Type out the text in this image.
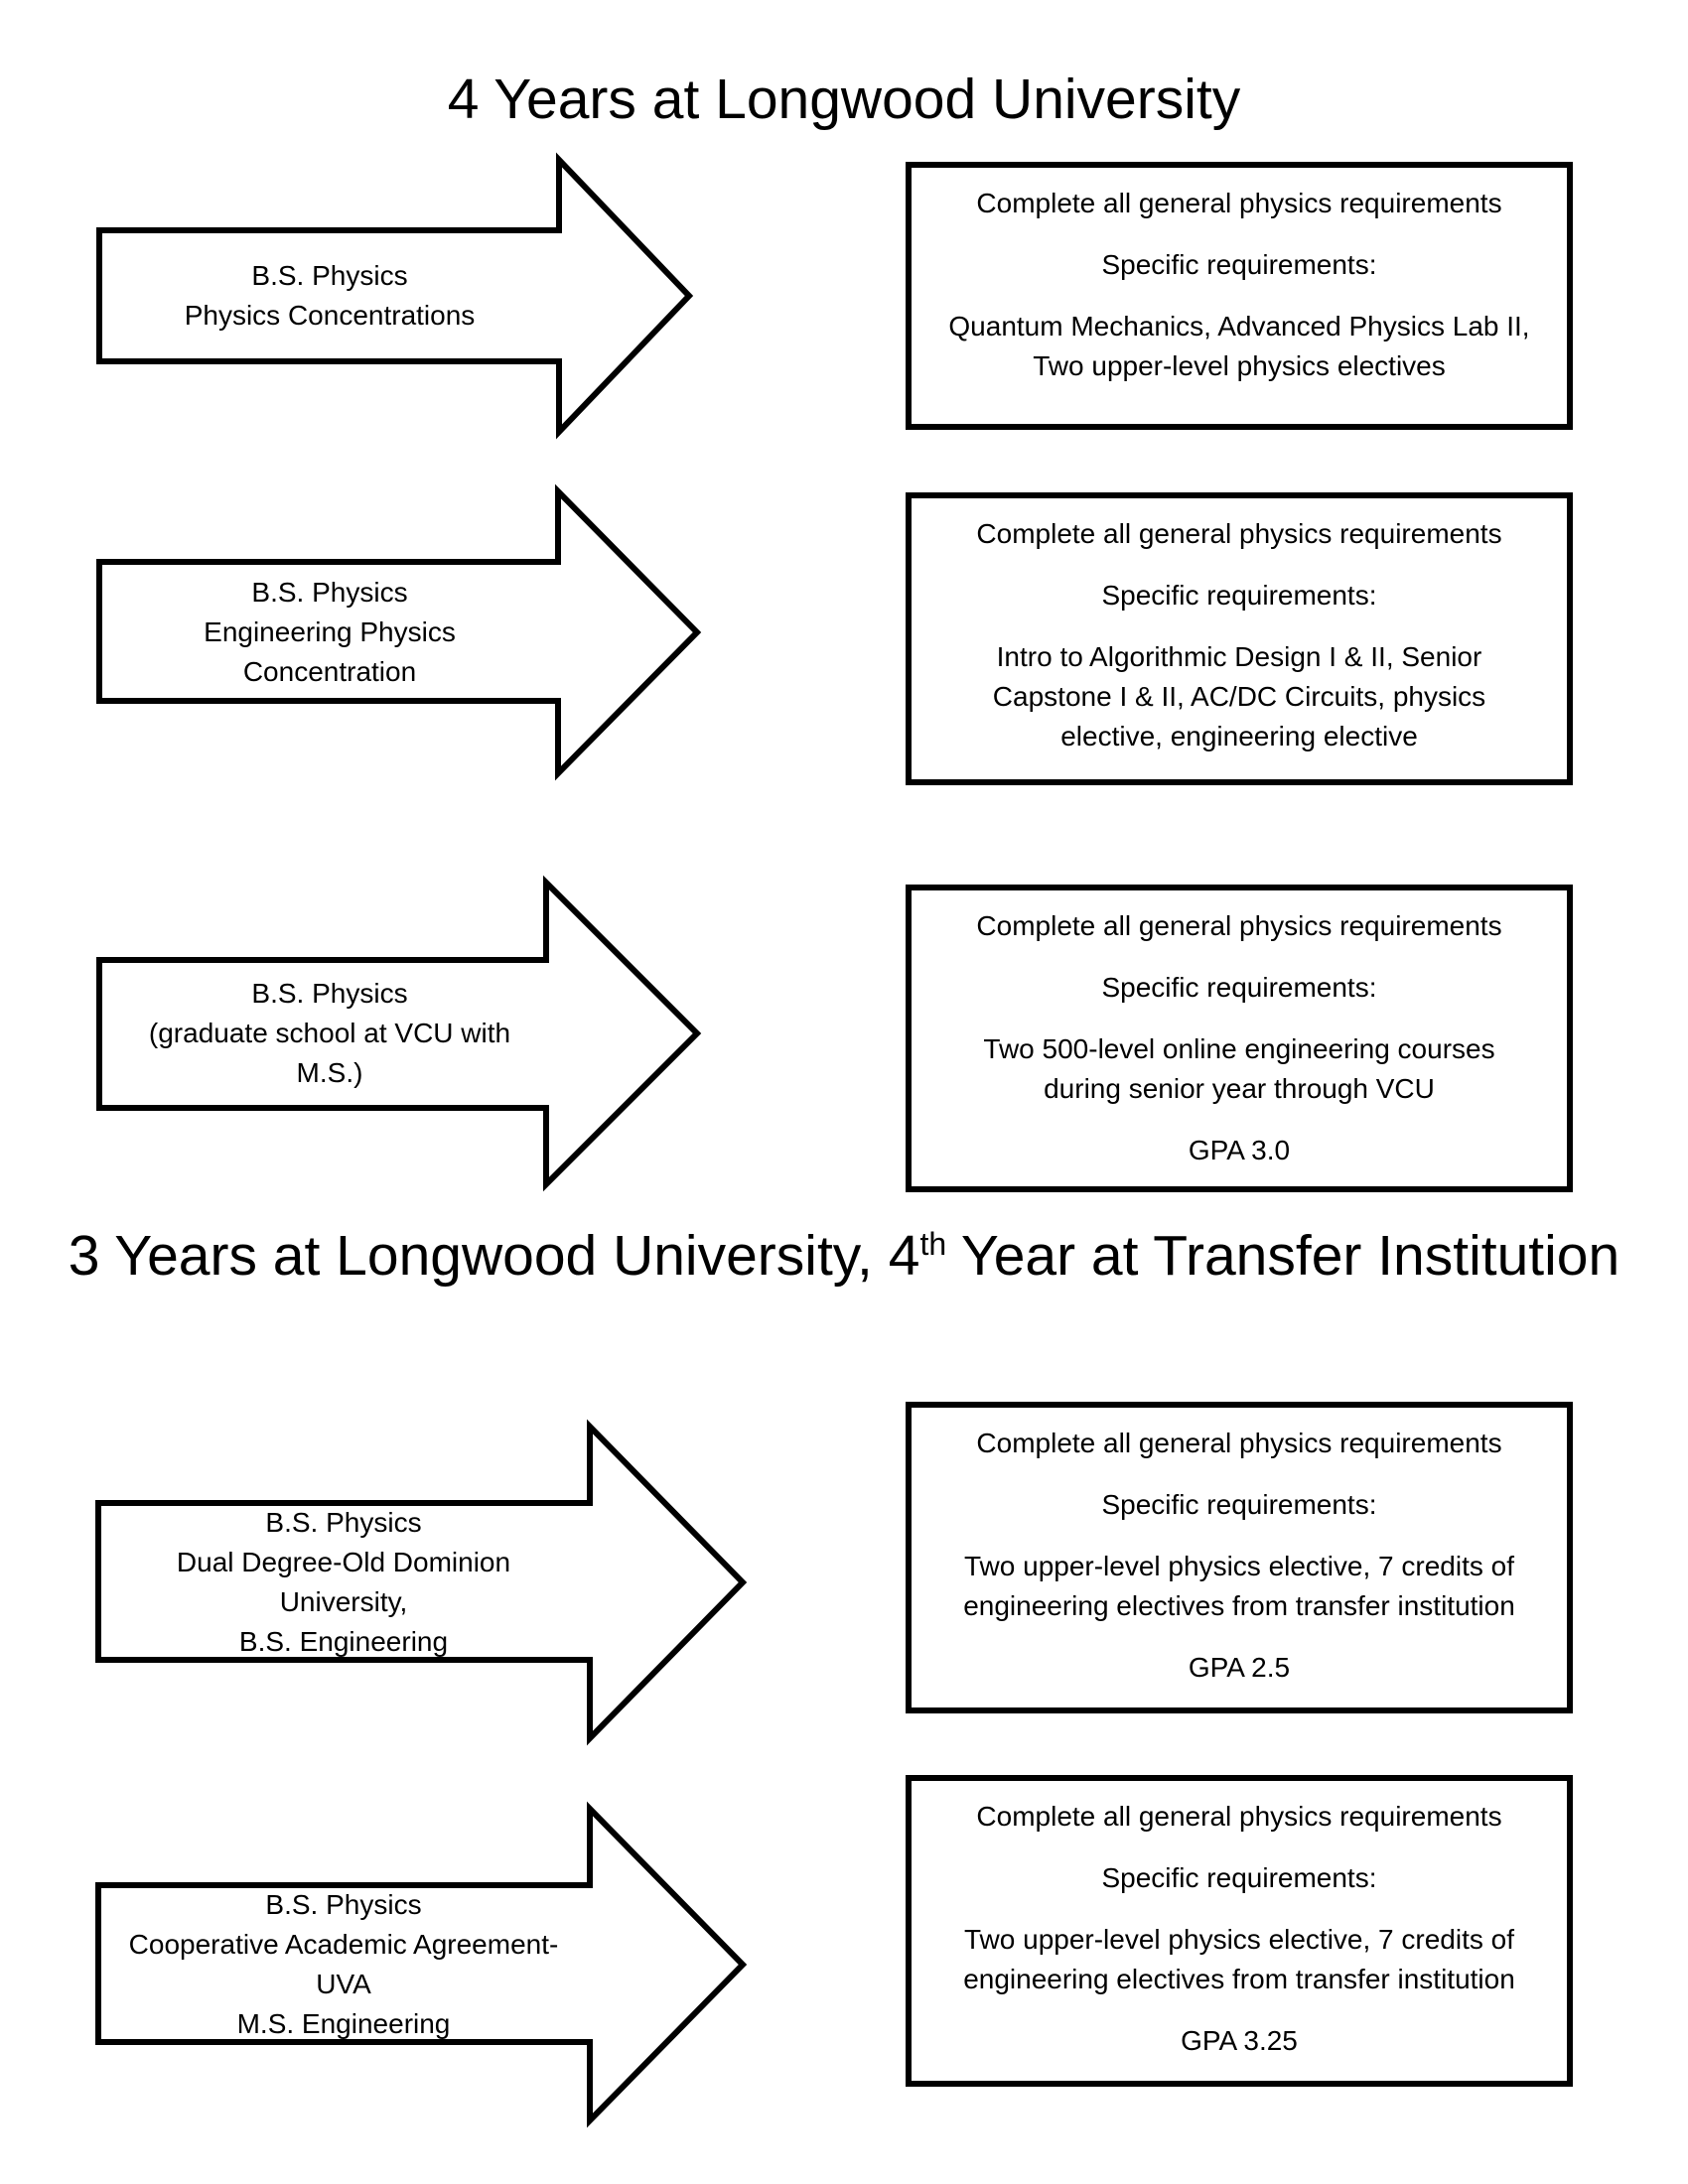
4 Years at Longwood University
B.S. Physics
Physics Concentrations

Complete all general physics requirements

Specific requirements:

Quantum Mechanics, Advanced Physics Lab II,
Two upper-level physics electives

B.S. Physics
Engineering Physics Concentration

Complete all general physics requirements

Specific requirements:

Intro to Algorithmic Design I & II, Senior
Capstone I & II, AC/DC Circuits, physics
elective, engineering elective

B.S. Physics
(graduate school at VCU with M.S.)

Complete all general physics requirements

Specific requirements:

Two 500-level online engineering courses
during senior year through VCU

GPA 3.0

3 Years at Longwood University, 4th Year at Transfer Institution
B.S. Physics
Dual Degree-Old Dominion University,
B.S. Engineering

Complete all general physics requirements

Specific requirements:

Two upper-level physics elective, 7 credits of
engineering electives from transfer institution

GPA 2.5

B.S. Physics
Cooperative Academic Agreement-UVA
M.S. Engineering

Complete all general physics requirements

Specific requirements:

Two upper-level physics elective, 7 credits of
engineering electives from transfer institution

GPA 3.25
